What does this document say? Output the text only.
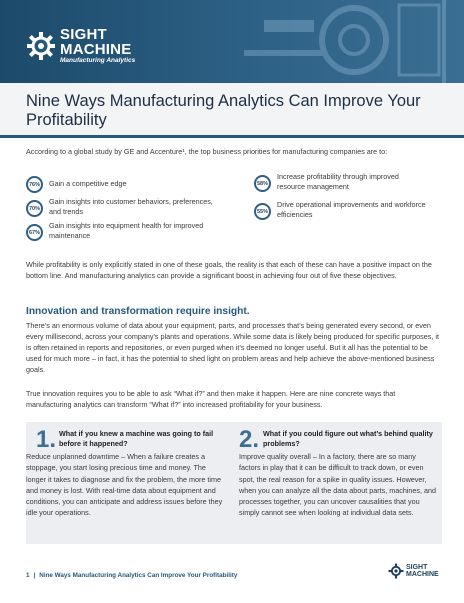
SIGHT
MACHINE
Manufacturing Analytics
Nine Ways Manufacturing Analytics Can Improve Your Profitability

According to a global study by GE and Accenture¹, the top business priorities for manufacturing companies are to:

76%	Gain a competitive edge
70%
Gain insights into customer behaviors, preferences, and trends
67%
Gain insights into equipment health for improved maintenance
58%
Increase profitability through improved resource management
55%
Drive operational improvements and workforce efficiencies

While profitability is only explicitly stated in one of these goals, the reality is that each of these can have a positive impact on the bottom line. And manufacturing analytics can provide a significant boost in achieving four out of five these objectives.

Innovation and transformation require insight.

There’s an enormous volume of data about your equipment, parts, and processes that’s being generated every second, or even every millisecond, across your company’s plants and operations. While some data is likely being produced for specific purposes, it is often retained in reports and repositories, or even purged when it’s deemed no longer useful. But it all has the potential to be used for much more – in fact, it has the potential to shed light on problem areas and help achieve the above-mentioned business goals.

True innovation requires you to be able to ask “What if?” and then make it happen. Here are nine concrete ways that manufacturing analytics can transform “What if?” into increased profitability for your business.

1. What if you knew a machine was going to fail before it happened?
Reduce unplanned downtime – When a failure creates a stoppage, you start losing precious time and money. The longer it takes to diagnose and fix the problem, the more time and money is lost. With real-time data about equipment and conditions, you can anticipate and address issues before they idle your operations.
2. What if you could figure out what’s behind quality problems?
Improve quality overall – In a factory, there are so many factors in play that it can be difficult to track down, or even spot, the real reason for a spike in quality issues. However, when you can analyze all the data about parts, machines, and processes together, you can uncover causalities that you simply cannot see when looking at individual data sets.
1 | Nine Ways Manufacturing Analytics Can Improve Your Profitability
SIGHT
MACHINE
